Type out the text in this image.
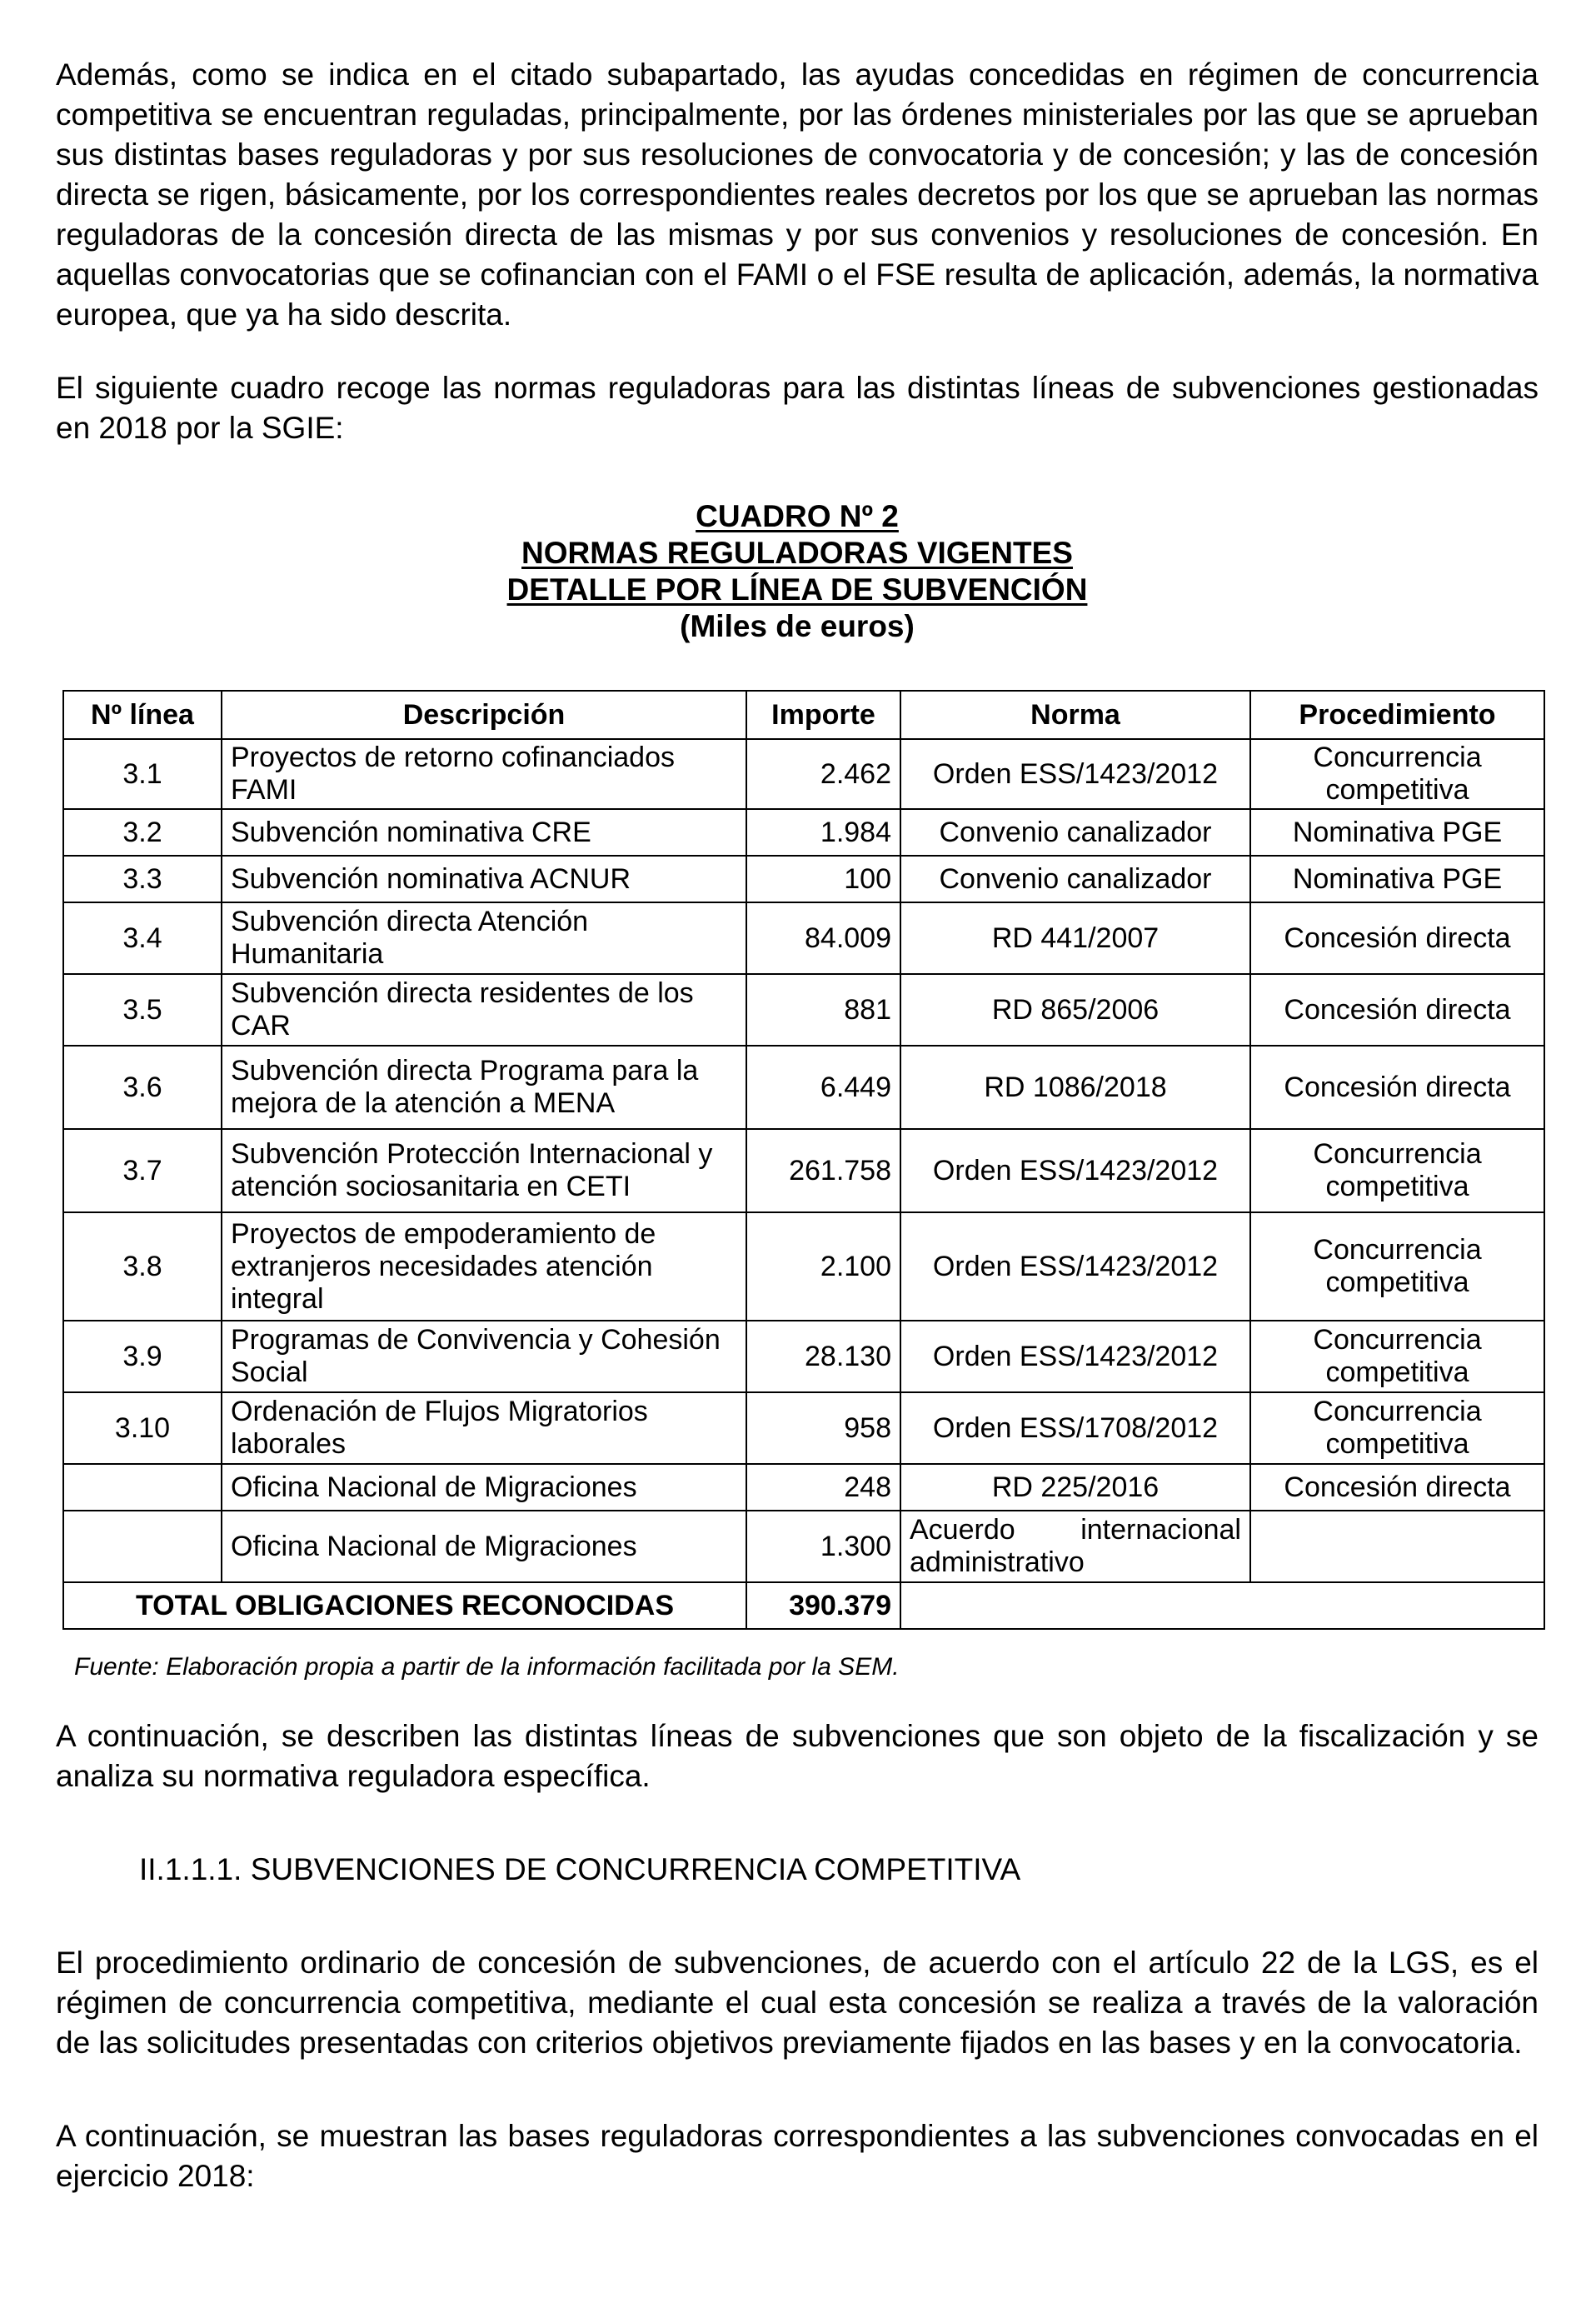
Además, como se indica en el citado subapartado, las ayudas concedidas en régimen de concurrencia competitiva se encuentran reguladas, principalmente, por las órdenes ministeriales por las que se aprueban sus distintas bases reguladoras y por sus resoluciones de convocatoria y de concesión; y las de concesión directa se rigen, básicamente, por los correspondientes reales decretos por los que se aprueban las normas reguladoras de la concesión directa de las mismas y por sus convenios y resoluciones de concesión. En aquellas convocatorias que se cofinancian con el FAMI o el FSE resulta de aplicación, además, la normativa europea, que ya ha sido descrita.

El siguiente cuadro recoge las normas reguladoras para las distintas líneas de subvenciones gestionadas en 2018 por la SGIE:

CUADRO Nº 2
NORMAS REGULADORAS VIGENTES
DETALLE POR LÍNEA DE SUBVENCIÓN
(Miles de euros)
Nº línea	Descripción	Importe	Norma	Procedimiento
3.1	Proyectos de retorno cofinanciados FAMI	2.462	Orden ESS/1423/2012	Concurrencia competitiva
3.2	Subvención nominativa CRE	1.984	Convenio canalizador	Nominativa PGE
3.3	Subvención nominativa ACNUR	100	Convenio canalizador	Nominativa PGE
3.4	Subvención directa Atención Humanitaria	84.009	RD 441/2007	Concesión directa
3.5	Subvención directa residentes de los CAR	881	RD 865/2006	Concesión directa
3.6	Subvención directa Programa para la mejora de la atención a MENA	6.449	RD 1086/2018	Concesión directa
3.7	Subvención Protección Internacional y atención sociosanitaria en CETI	261.758	Orden ESS/1423/2012	Concurrencia competitiva
3.8	Proyectos de empoderamiento de extranjeros necesidades atención integral	2.100	Orden ESS/1423/2012	Concurrencia competitiva
3.9	Programas de Convivencia y Cohesión Social	28.130	Orden ESS/1423/2012	Concurrencia competitiva
3.10	Ordenación de Flujos Migratorios laborales	958	Orden ESS/1708/2012	Concurrencia competitiva
	Oficina Nacional de Migraciones	248	RD 225/2016	Concesión directa
	Oficina Nacional de Migraciones	1.300	Acuerdo internacional administrativo	
TOTAL OBLIGACIONES RECONOCIDAS		390.379		
Fuente: Elaboración propia a partir de la información facilitada por la SEM.

A continuación, se describen las distintas líneas de subvenciones que son objeto de la fiscalización y se analiza su normativa reguladora específica.

II.1.1.1. SUBVENCIONES DE CONCURRENCIA COMPETITIVA

El procedimiento ordinario de concesión de subvenciones, de acuerdo con el artículo 22 de la LGS, es el régimen de concurrencia competitiva, mediante el cual esta concesión se realiza a través de la valoración de las solicitudes presentadas con criterios objetivos previamente fijados en las bases y en la convocatoria.

A continuación, se muestran las bases reguladoras correspondientes a las subvenciones convocadas en el ejercicio 2018:
